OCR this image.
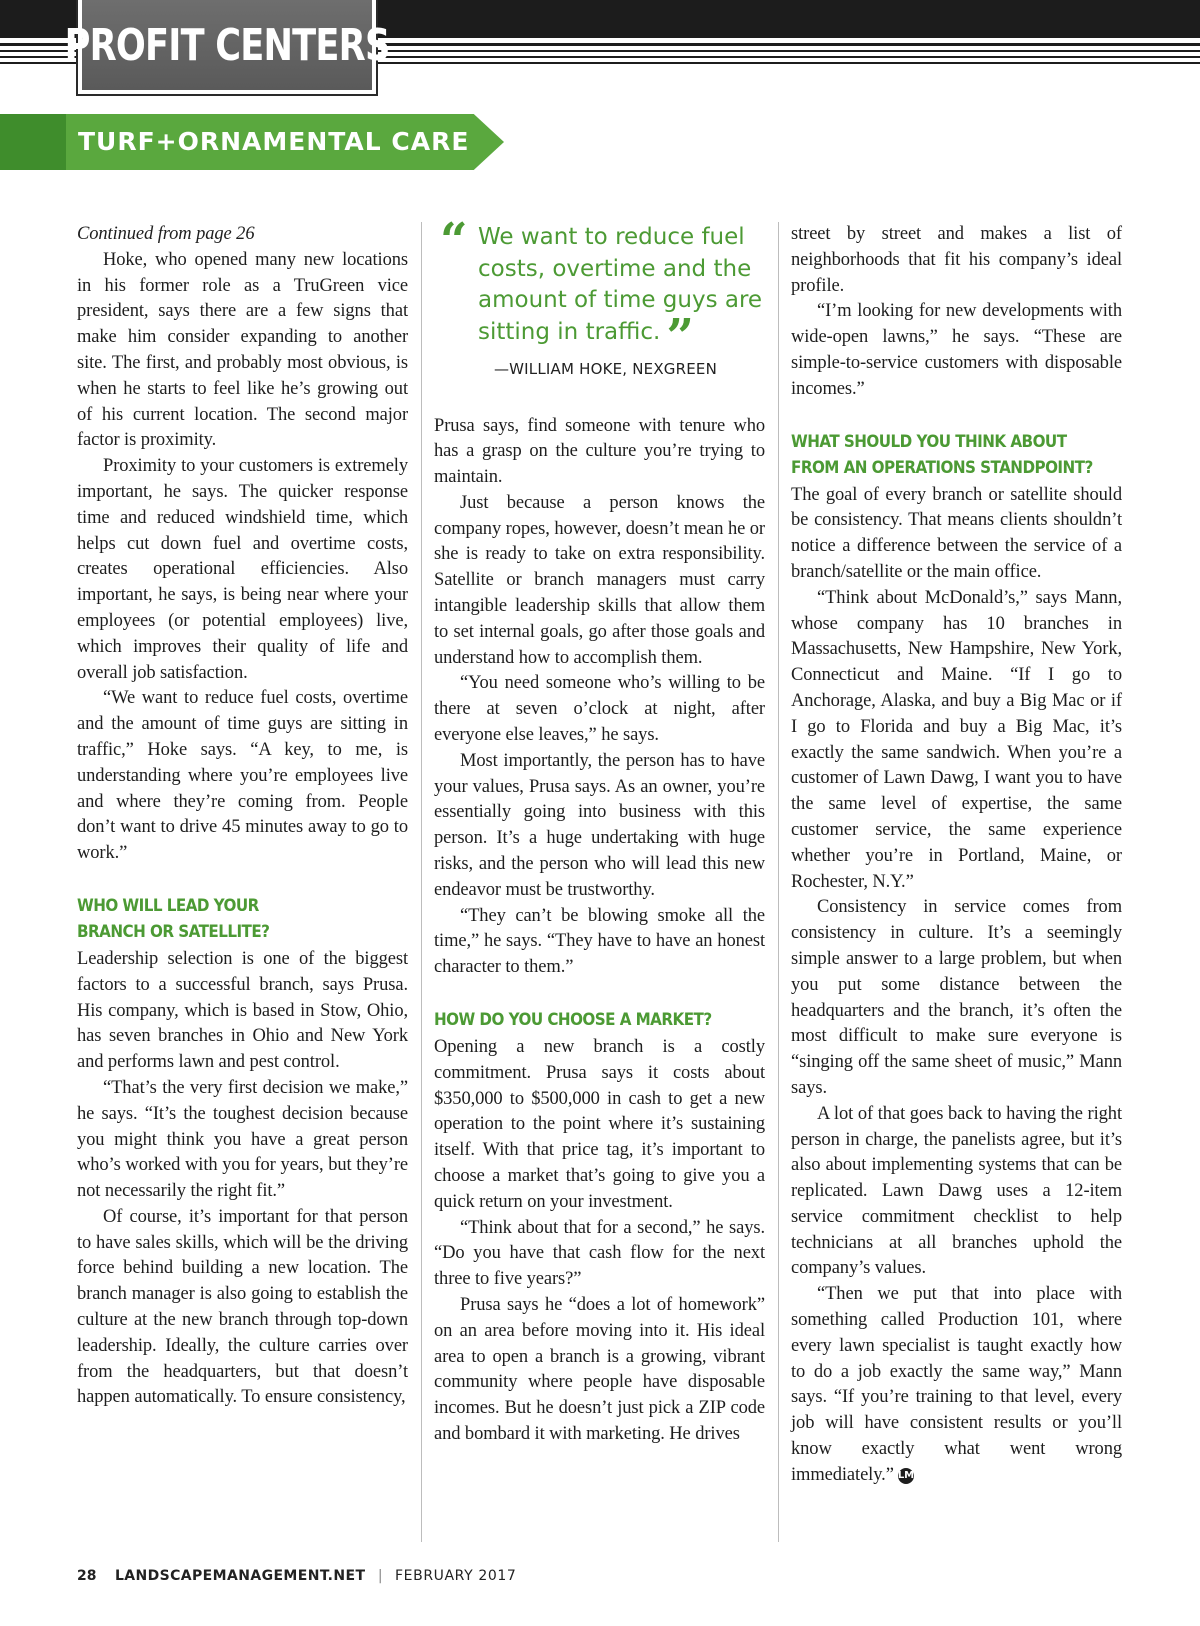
PROFIT CENTERS
TURF+ORNAMENTAL CARE
Continued from page 26

Hoke, who opened many new locations in his former role as a TruGreen vice president, says there are a few signs that make him consider expanding to another site. The first, and probably most obvious, is when he starts to feel like he’s growing out of his current location. The second major factor is proximity.

Proximity to your customers is extremely important, he says. The quicker response time and reduced windshield time, which helps cut down fuel and overtime costs, creates operational efficiencies. Also important, he says, is being near where your employees (or potential employees) live, which improves their quality of life and overall job satisfaction.

“We want to reduce fuel costs, overtime and the amount of time guys are sitting in traffic,” Hoke says. “A key, to me, is understanding where you’re employees live and where they’re coming from. People don’t want to drive 45 minutes away to go to work.”

WHO WILL LEAD YOUR
BRANCH OR SATELLITE?

Leadership selection is one of the biggest factors to a successful branch, says Prusa. His company, which is based in Stow, Ohio, has seven branches in Ohio and New York and performs lawn and pest control.

“That’s the very first decision we make,” he says. “It’s the toughest decision because you might think you have a great person who’s worked with you for years, but they’re not necessarily the right fit.”

Of course, it’s important for that person to have sales skills, which will be the driving force behind building a new location. The branch manager is also going to establish the culture at the new branch through top-down leadership. Ideally, the culture carries over from the headquarters, but that doesn’t happen automatically. To ensure consistency,

“ We want to reduce fuel costs, overtime and the amount of time guys are sitting in traffic. ”
—WILLIAM HOKE, NEXGREEN

Prusa says, find someone with tenure who has a grasp on the culture you’re trying to maintain.

Just because a person knows the company ropes, however, doesn’t mean he or she is ready to take on extra responsibility. Satellite or branch managers must carry intangible leadership skills that allow them to set internal goals, go after those goals and understand how to accomplish them.

“You need someone who’s willing to be there at seven o’clock at night, after everyone else leaves,” he says.

Most importantly, the person has to have your values, Prusa says. As an owner, you’re essentially going into business with this person. It’s a huge undertaking with huge risks, and the person who will lead this new endeavor must be trustworthy.

“They can’t be blowing smoke all the time,” he says. “They have to have an honest character to them.”

HOW DO YOU CHOOSE A MARKET?

Opening a new branch is a costly commitment. Prusa says it costs about $350,000 to $500,000 in cash to get a new operation to the point where it’s sustaining itself. With that price tag, it’s important to choose a market that’s going to give you a quick return on your investment.

“Think about that for a second,” he says. “Do you have that cash flow for the next three to five years?”

Prusa says he “does a lot of homework” on an area before moving into it. His ideal area to open a branch is a growing, vibrant community where people have disposable incomes. But he doesn’t just pick a ZIP code and bombard it with marketing. He drives

street by street and makes a list of neighborhoods that fit his company’s ideal profile.

“I’m looking for new developments with wide-open lawns,” he says. “These are simple-to-service customers with disposable incomes.”

WHAT SHOULD YOU THINK ABOUT
FROM AN OPERATIONS STANDPOINT?

The goal of every branch or satellite should be consistency. That means clients shouldn’t notice a difference between the service of a branch/satellite or the main office.

“Think about McDonald’s,” says Mann, whose company has 10 branches in Massachusetts, New Hampshire, New York, Connecticut and Maine. “If I go to Anchorage, Alaska, and buy a Big Mac or if I go to Florida and buy a Big Mac, it’s exactly the same sandwich. When you’re a customer of Lawn Dawg, I want you to have the same level of expertise, the same customer service, the same experience whether you’re in Portland, Maine, or Rochester, N.Y.”

Consistency in service comes from consistency in culture. It’s a seemingly simple answer to a large problem, but when you put some distance between the headquarters and the branch, it’s often the most difficult to make sure everyone is “singing off the same sheet of music,” Mann says.

A lot of that goes back to having the right person in charge, the panelists agree, but it’s also about implementing systems that can be replicated. Lawn Dawg uses a 12-item service commitment checklist to help technicians at all branches uphold the company’s values.

“Then we put that into place with something called Production 101, where every lawn specialist is taught exactly how to do a job exactly the same way,” Mann says. “If you’re training to that level, every job will have consistent results or you’ll know exactly what went wrong immediately.” LM

28 LANDSCAPEMANAGEMENT.NET | FEBRUARY 2017
